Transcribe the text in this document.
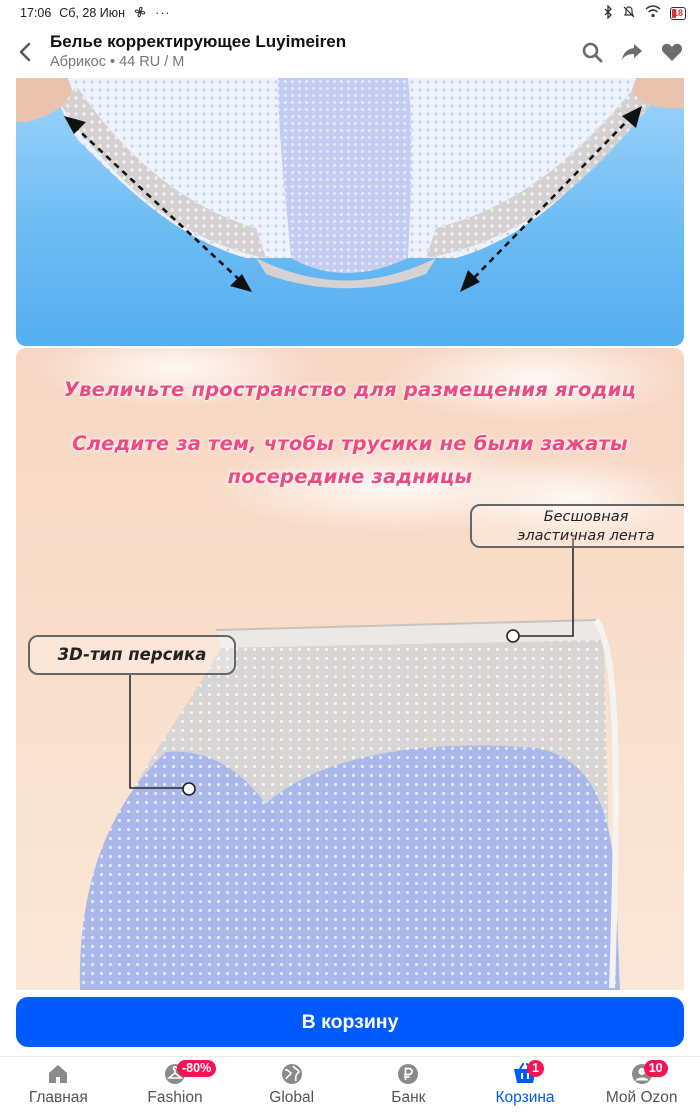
17:06 Сб, 28 Июн ···	18
Белье корректирующее Luyimeiren
Абрикос • 44 RU / M
Увеличьте пространство для размещения ягодиц
Следите за тем, чтобы трусики не были зажаты
посередине задницы
Бесшовная
эластичная лента
3D-тип персика
В корзину
Главная
-80%
Fashion	Global	Банк
1
Корзина
10
Мой Ozon
